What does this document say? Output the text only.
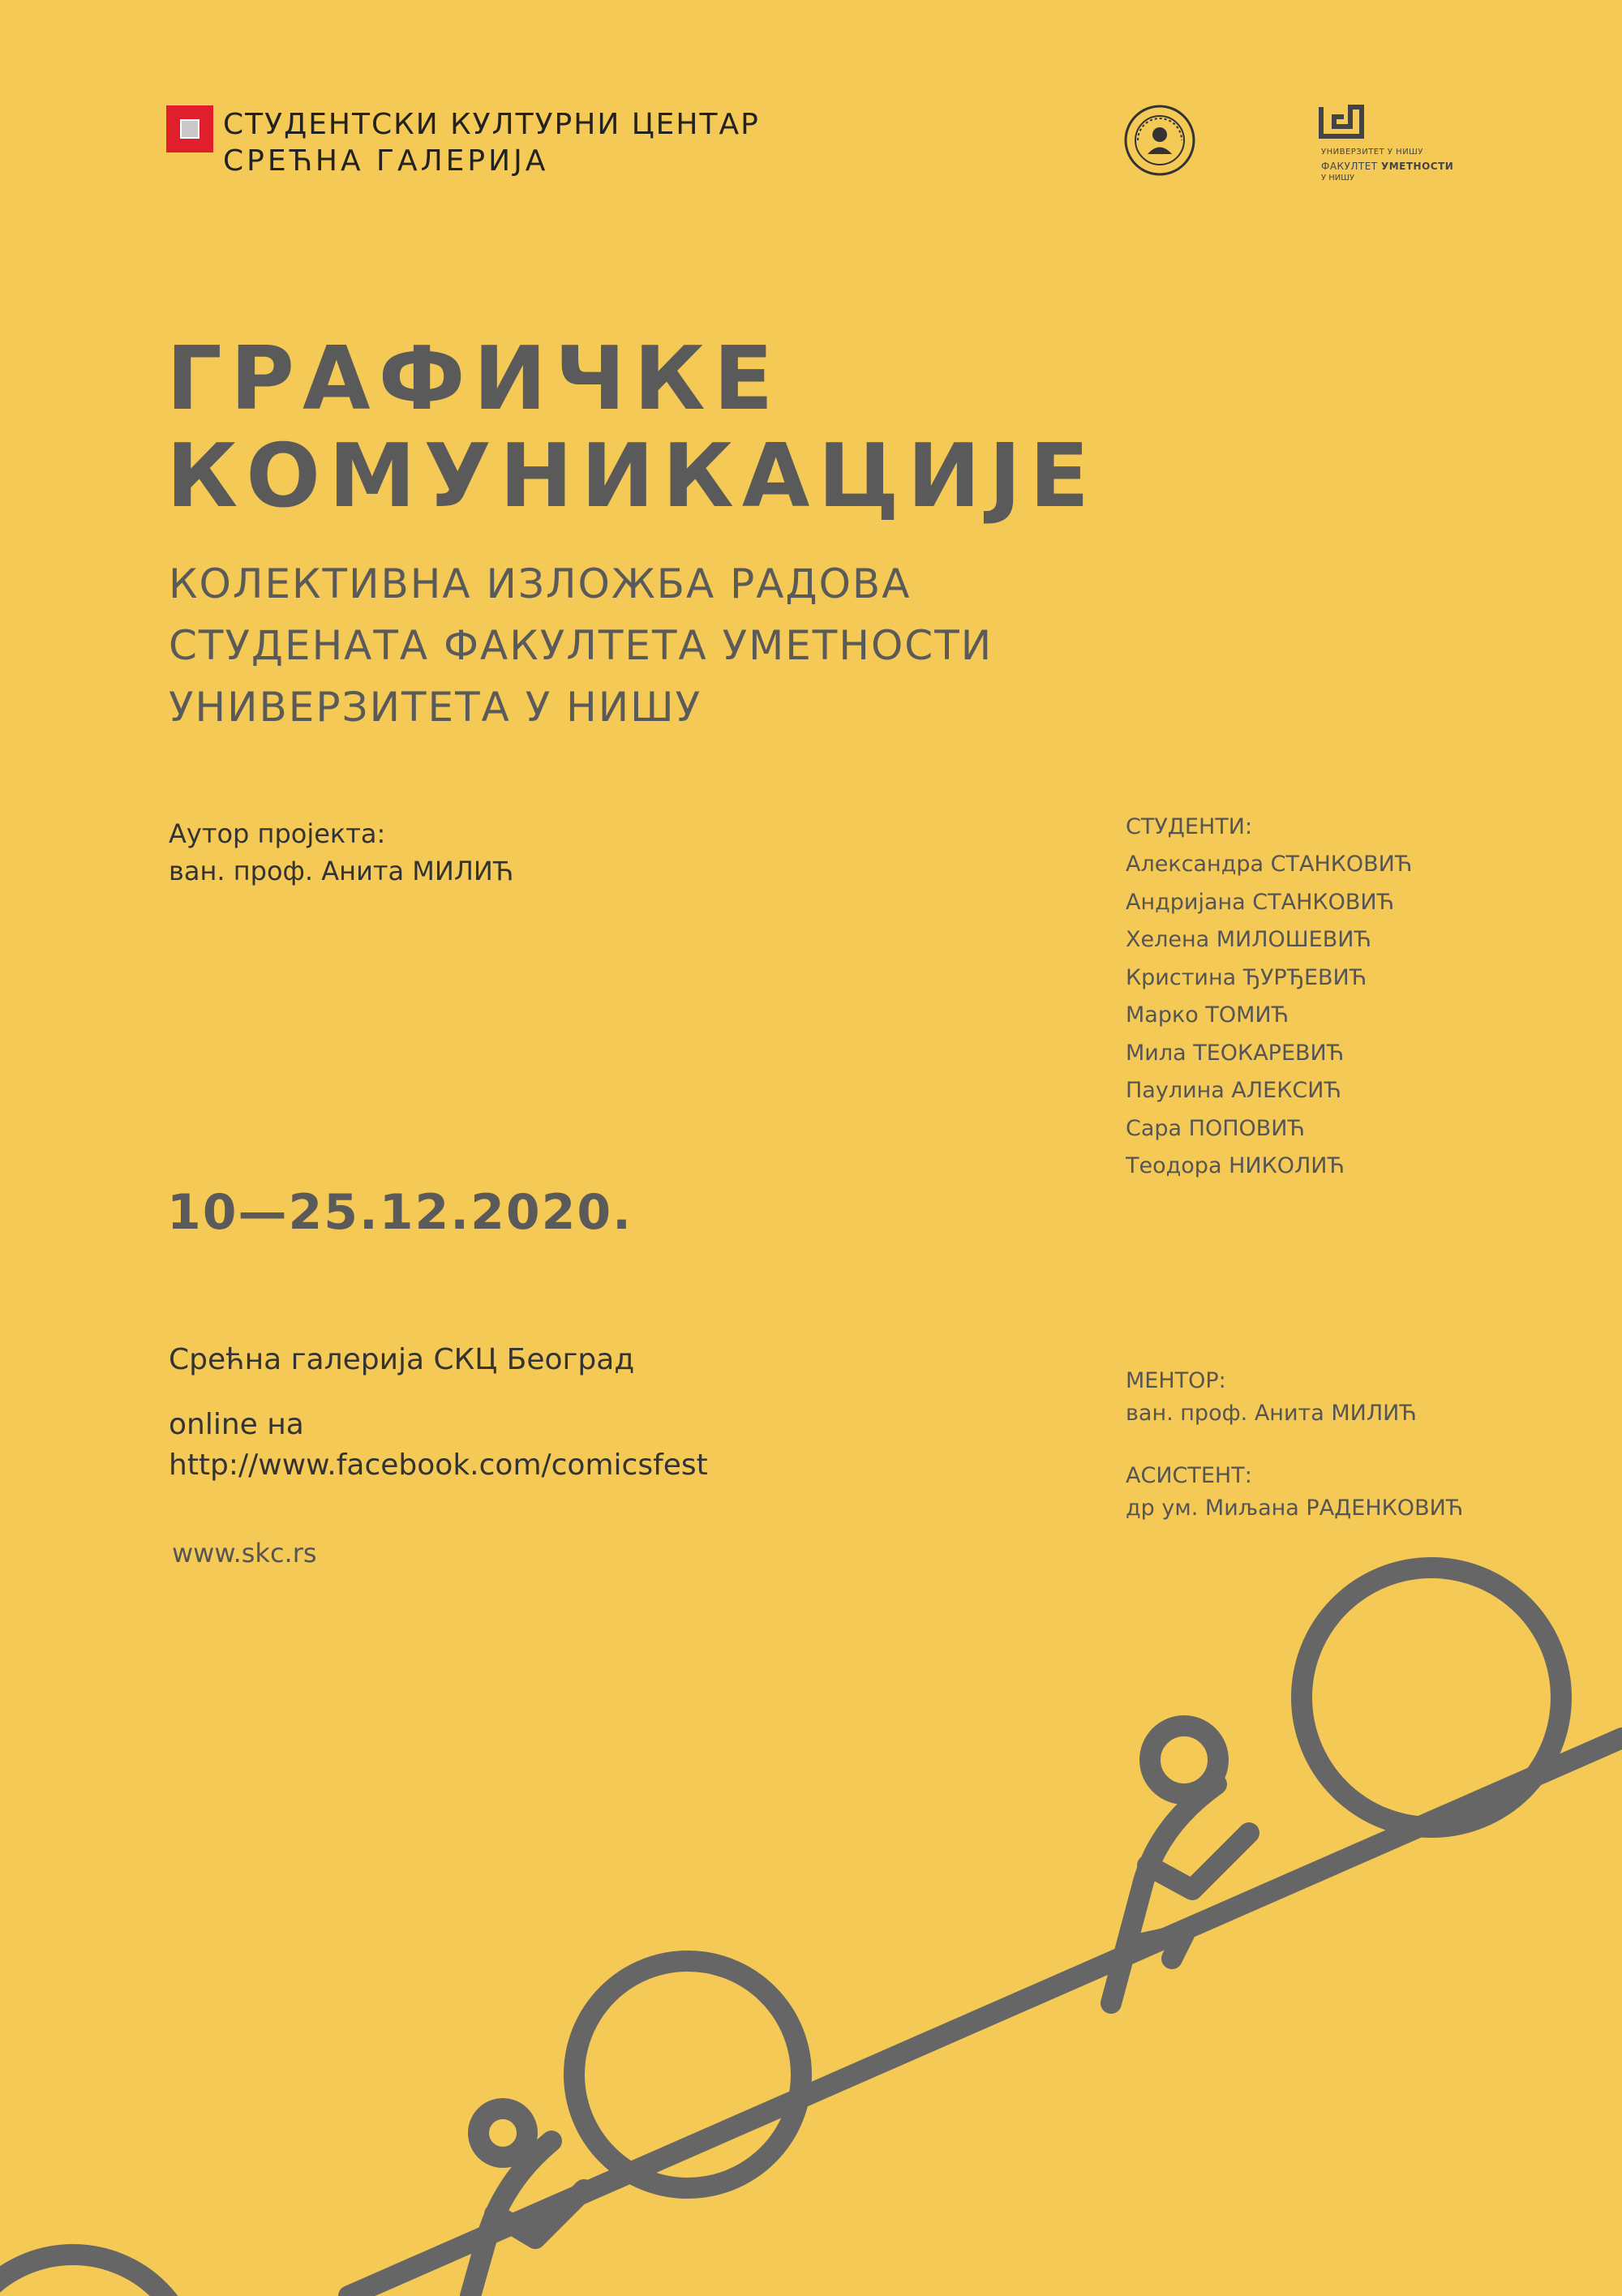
СТУДЕНТСКИ КУЛТУРНИ ЦЕНТАР
СРЕЋНА ГАЛЕРИЈА	УНИВЕРЗИТЕТ У НИШУ
ФАКУЛТЕТ УМЕТНОСТИ
У НИШУ
ГРАФИЧКЕ
КОМУНИКАЦИЈЕ
КОЛЕКТИВНА ИЗЛОЖБА РАДОВА
СТУДЕНАТА ФАКУЛТЕТА УМЕТНОСТИ
УНИВЕРЗИТЕТА У НИШУ
Аутор пројекта:
ван. проф. Анита МИЛИЋ
10—25.12.2020.
Срећна галерија СКЦ Београд
online на
http://www.facebook.com/comicsfest
www.skc.rs
СТУДЕНТИ:
Александра СТАНКОВИЋ
Андријана СТАНКОВИЋ
Хелена МИЛОШЕВИЋ
Кристина ЂУРЂЕВИЋ
Марко ТОМИЋ
Мила ТЕОКАРЕВИЋ
Паулина АЛЕКСИЋ
Сара ПОПОВИЋ
Теодора НИКОЛИЋ
МЕНТОР:
ван. проф. Анита МИЛИЋ
АСИСТЕНТ:
др ум. Миљана РАДЕНКОВИЋ
